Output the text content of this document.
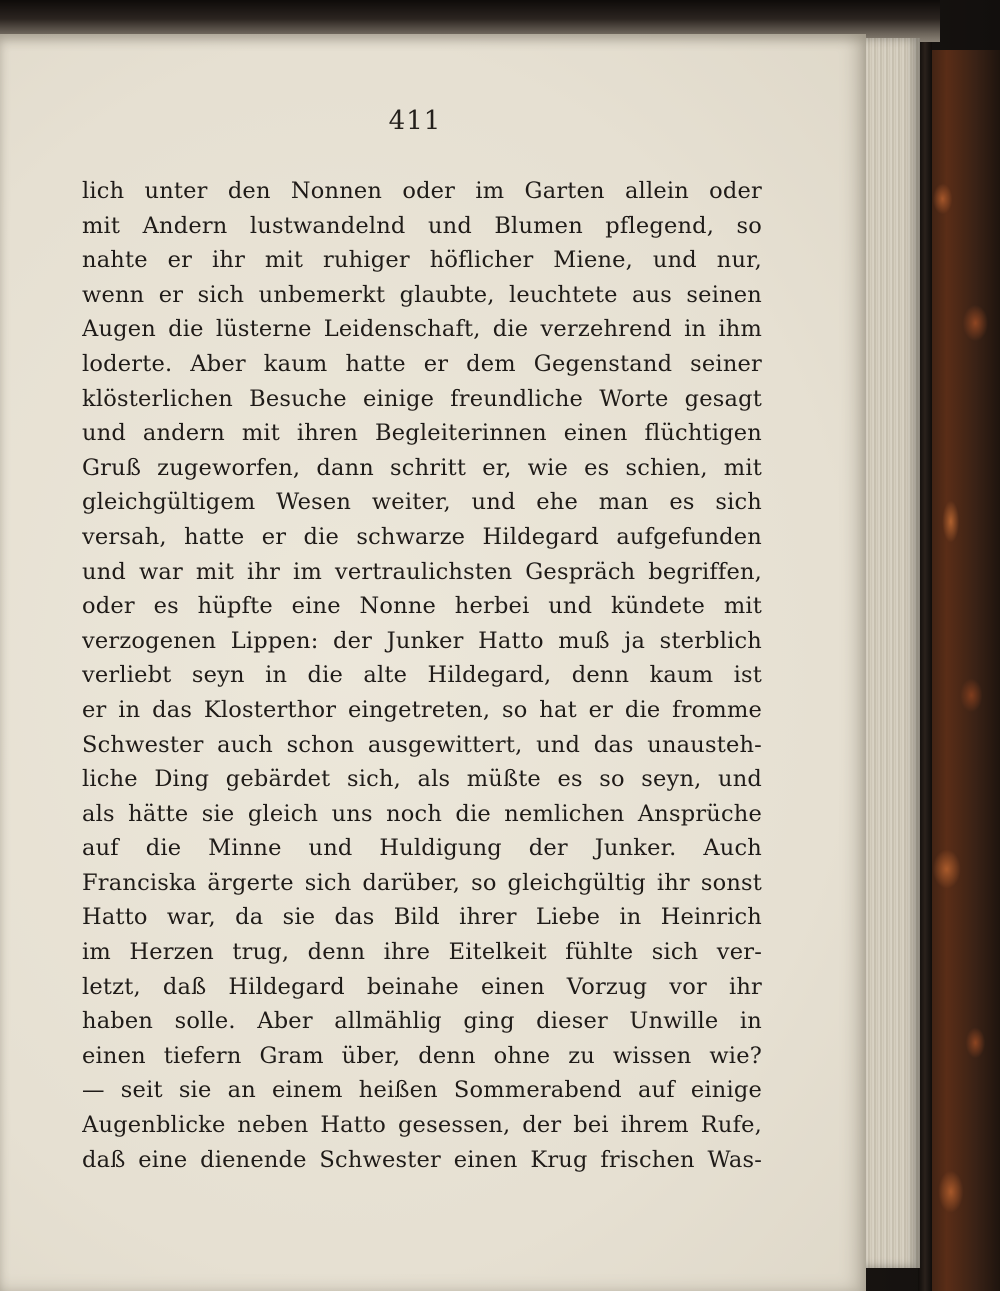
411
lich unter den Nonnen oder im Garten allein oder
mit Andern lustwandelnd und Blumen pflegend, so
nahte er ihr mit ruhiger höflicher Miene, und nur,
wenn er sich unbemerkt glaubte, leuchtete aus seinen
Augen die lüsterne Leidenschaft, die verzehrend in ihm
loderte. Aber kaum hatte er dem Gegenstand seiner
klösterlichen Besuche einige freundliche Worte gesagt
und andern mit ihren Begleiterinnen einen flüchtigen
Gruß zugeworfen, dann schritt er, wie es schien, mit
gleichgültigem Wesen weiter, und ehe man es sich
versah, hatte er die schwarze Hildegard aufgefunden
und war mit ihr im vertraulichsten Gespräch begriffen,
oder es hüpfte eine Nonne herbei und kündete mit
verzogenen Lippen: der Junker Hatto muß ja sterblich
verliebt seyn in die alte Hildegard, denn kaum ist
er in das Klosterthor eingetreten, so hat er die fromme
Schwester auch schon ausgewittert, und das unausteh-
liche Ding gebärdet sich, als müßte es so seyn, und
als hätte sie gleich uns noch die nemlichen Ansprüche
auf die Minne und Huldigung der Junker. Auch
Franciska ärgerte sich darüber, so gleichgültig ihr sonst
Hatto war, da sie das Bild ihrer Liebe in Heinrich
im Herzen trug, denn ihre Eitelkeit fühlte sich ver-
letzt, daß Hildegard beinahe einen Vorzug vor ihr
haben solle. Aber allmählig ging dieser Unwille in
einen tiefern Gram über, denn ohne zu wissen wie?
— seit sie an einem heißen Sommerabend auf einige
Augenblicke neben Hatto gesessen, der bei ihrem Rufe,
daß eine dienende Schwester einen Krug frischen Was-
